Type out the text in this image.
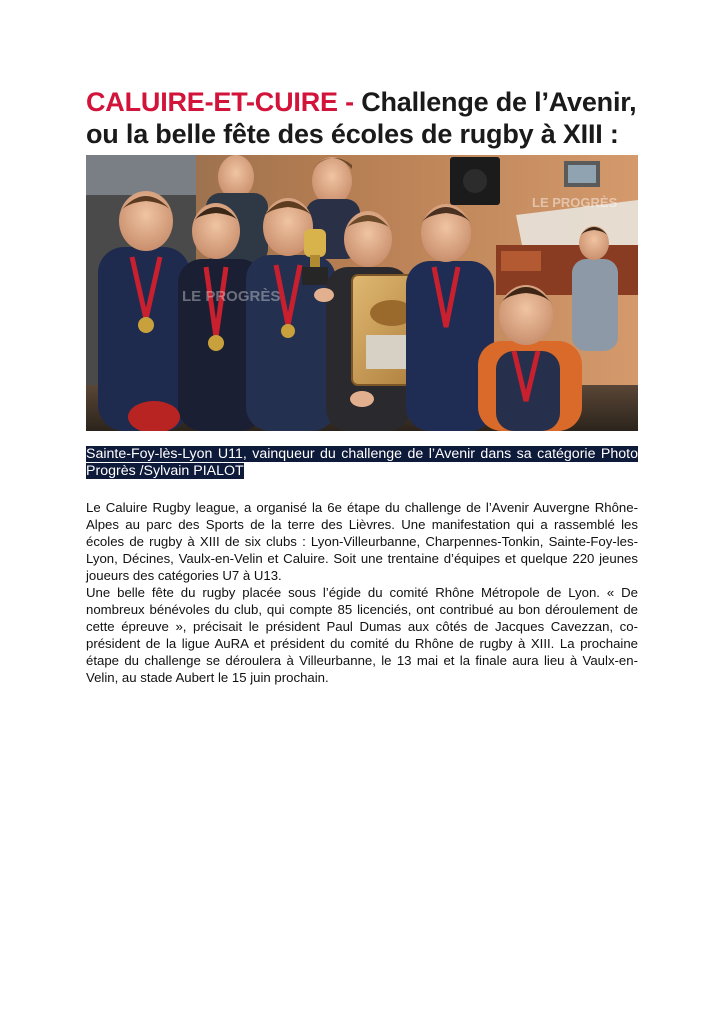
CALUIRE-ET-CUIRE - Challenge de l’Avenir, ou la belle fête des écoles de rugby à XIII :
LE PROGRÈS
LE PROGRÈS
Sainte-Foy-lès-Lyon U11, vainqueur du challenge de l’Avenir dans sa catégorie Photo Progrès /Sylvain PIALOT

Le Caluire Rugby league, a organisé la 6e étape du challenge de l’Avenir Auvergne Rhône-Alpes au parc des Sports de la terre des Lièvres. Une manifestation qui a rassemblé les écoles de rugby à XIII de six clubs : Lyon-Villeurbanne, Charpennes-Tonkin, Sainte-Foy-les-Lyon, Décines, Vaulx-en-Velin et Caluire. Soit une trentaine d’équipes et quelque 220 jeunes joueurs des catégories U7 à U13.

Une belle fête du rugby placée sous l’égide du comité Rhône Métropole de Lyon. « De nombreux bénévoles du club, qui compte 85 licenciés, ont contribué au bon déroulement de cette épreuve », précisait le président Paul Dumas aux côtés de Jacques Cavezzan, co-président de la ligue AuRA et président du comité du Rhône de rugby à XIII. La prochaine étape du challenge se déroulera à Villeurbanne, le 13 mai et la finale aura lieu à Vaulx-en-Velin, au stade Aubert le 15 juin prochain.
